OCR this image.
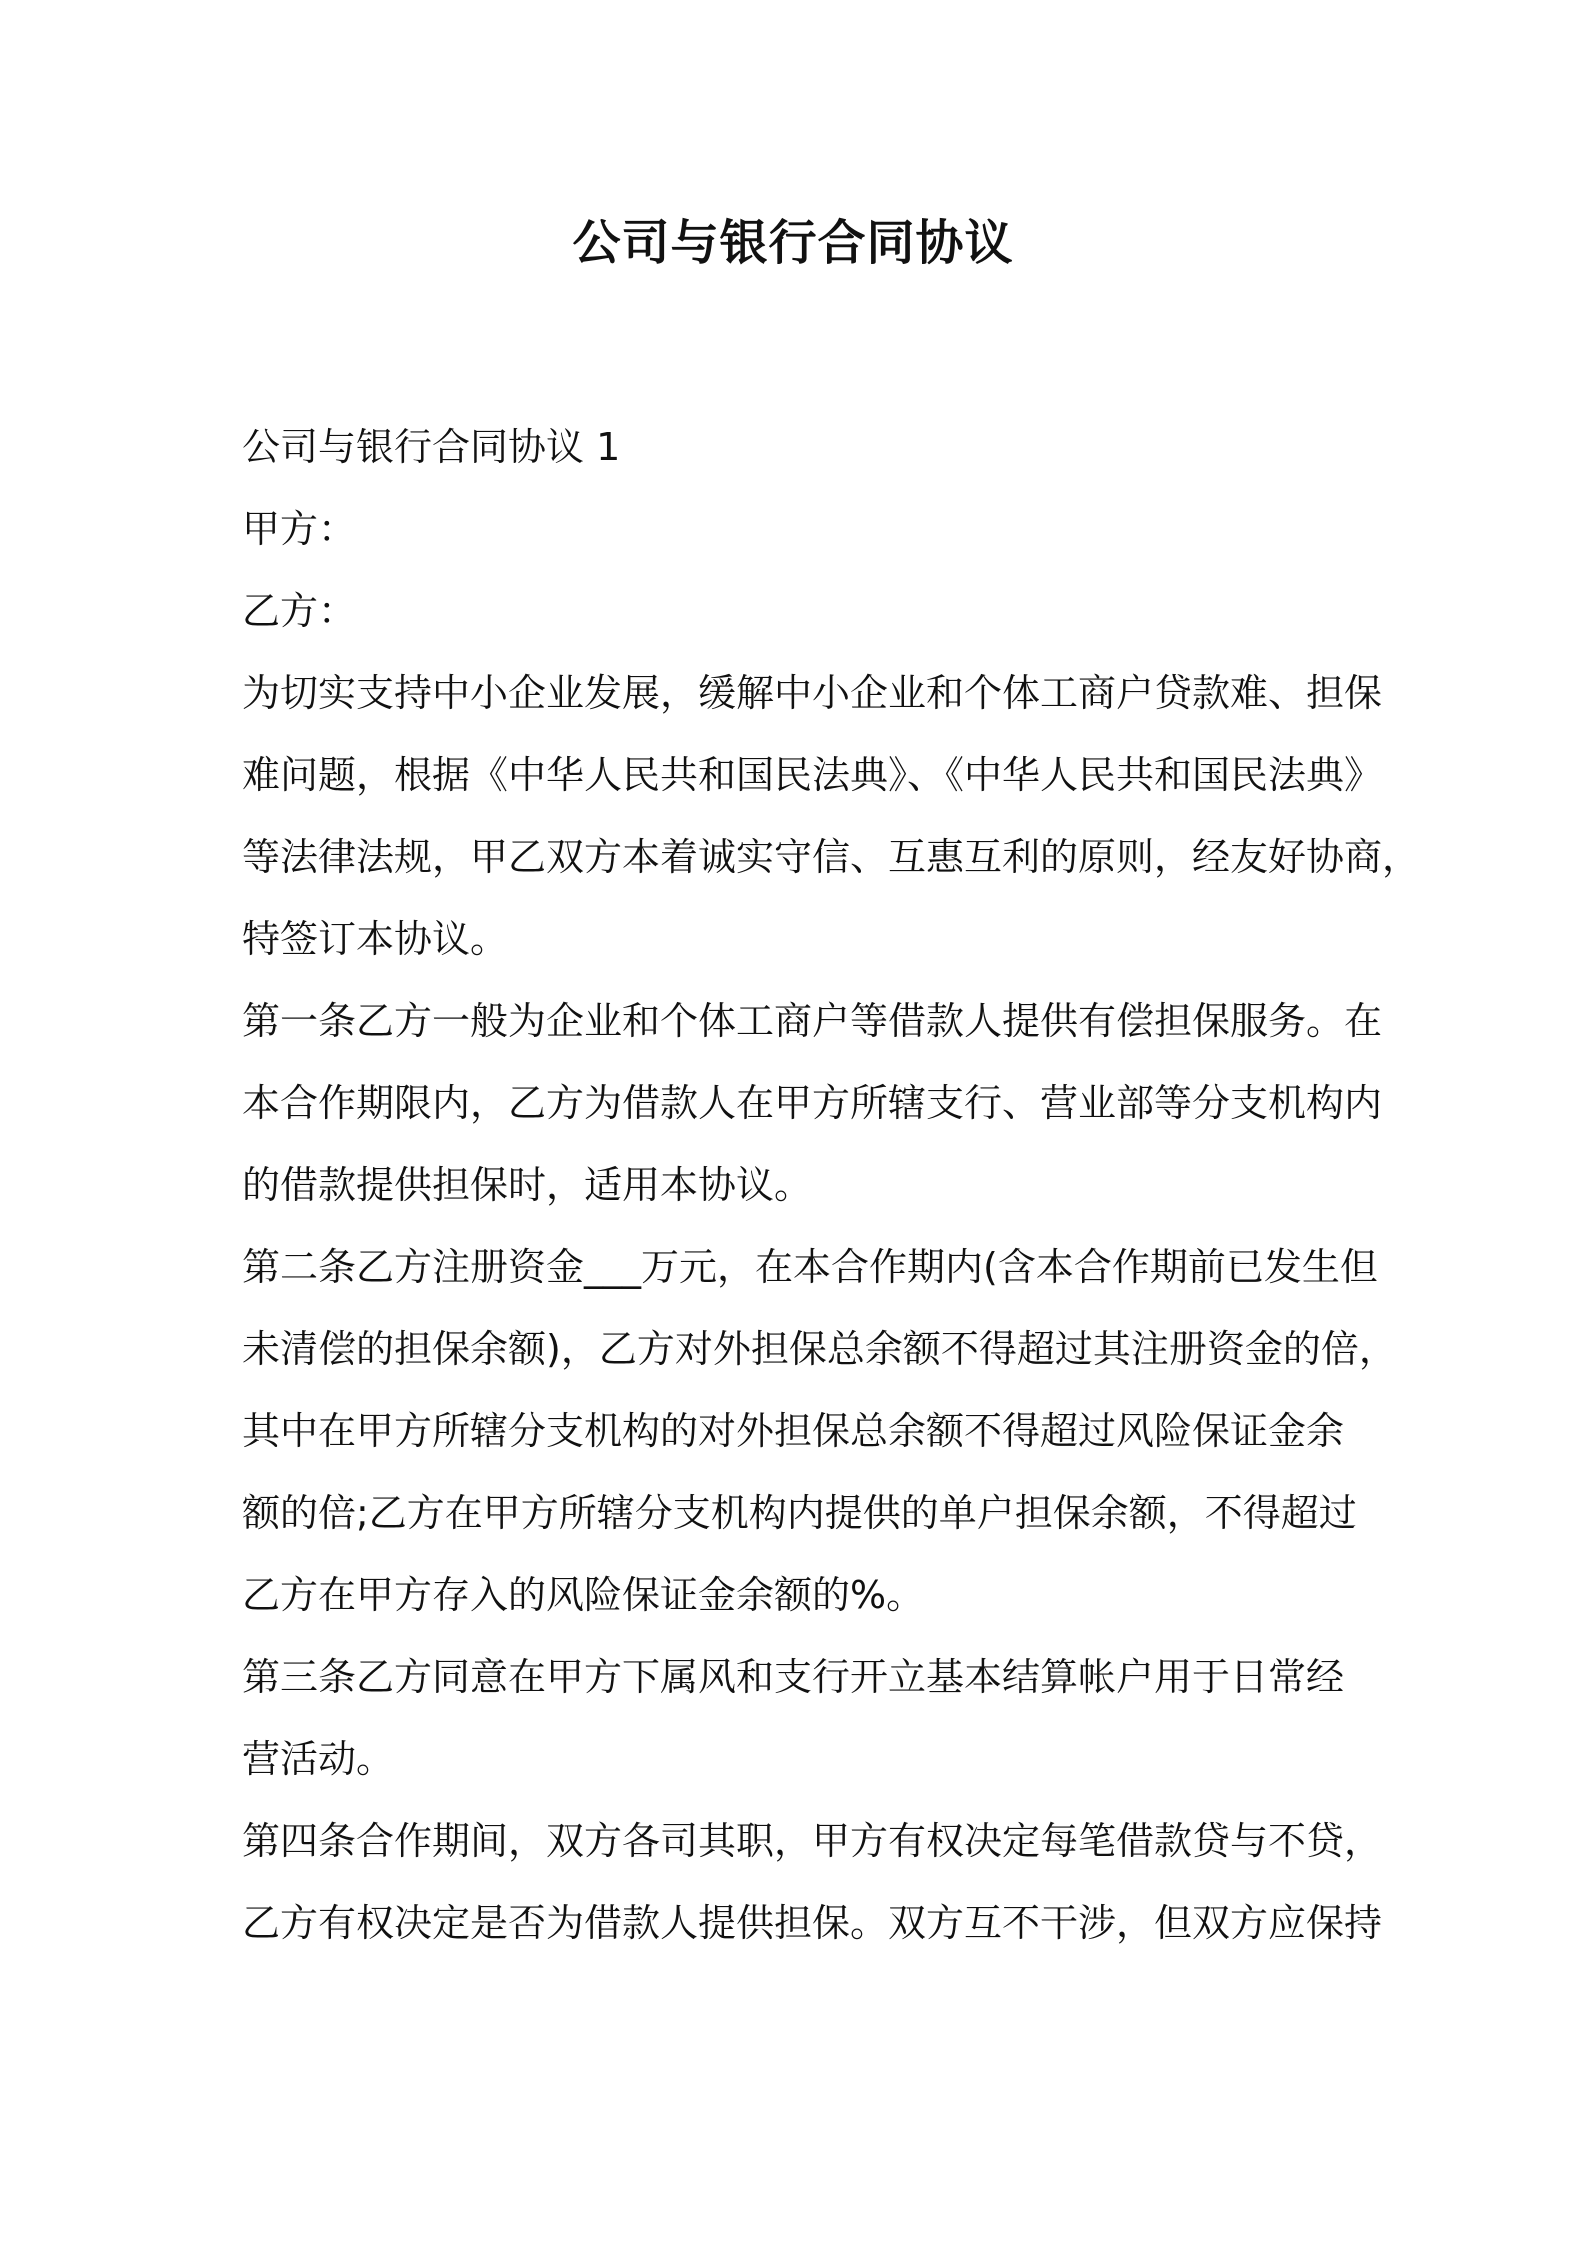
公司与银行合同协议
公司与银行合同协议 1
甲方：
乙方：
为切实支持中小企业发展，缓解中小企业和个体工商户贷款难、担保
难问题，根据《中华人民共和国民法典》、《中华人民共和国民法典》
等法律法规，甲乙双方本着诚实守信、互惠互利的原则，经友好协商，
特签订本协议。
第一条乙方一般为企业和个体工商户等借款人提供有偿担保服务。在
本合作期限内，乙方为借款人在甲方所辖支行、营业部等分支机构内
的借款提供担保时，适用本协议。
第二条乙方注册资金___万元，在本合作期内(含本合作期前已发生但
未清偿的担保余额)，乙方对外担保总余额不得超过其注册资金的倍，
其中在甲方所辖分支机构的对外担保总余额不得超过风险保证金余
额的倍;乙方在甲方所辖分支机构内提供的单户担保余额，不得超过
乙方在甲方存入的风险保证金余额的%。
第三条乙方同意在甲方下属风和支行开立基本结算帐户用于日常经
营活动。
第四条合作期间，双方各司其职，甲方有权决定每笔借款贷与不贷，
乙方有权决定是否为借款人提供担保。双方互不干涉，但双方应保持
